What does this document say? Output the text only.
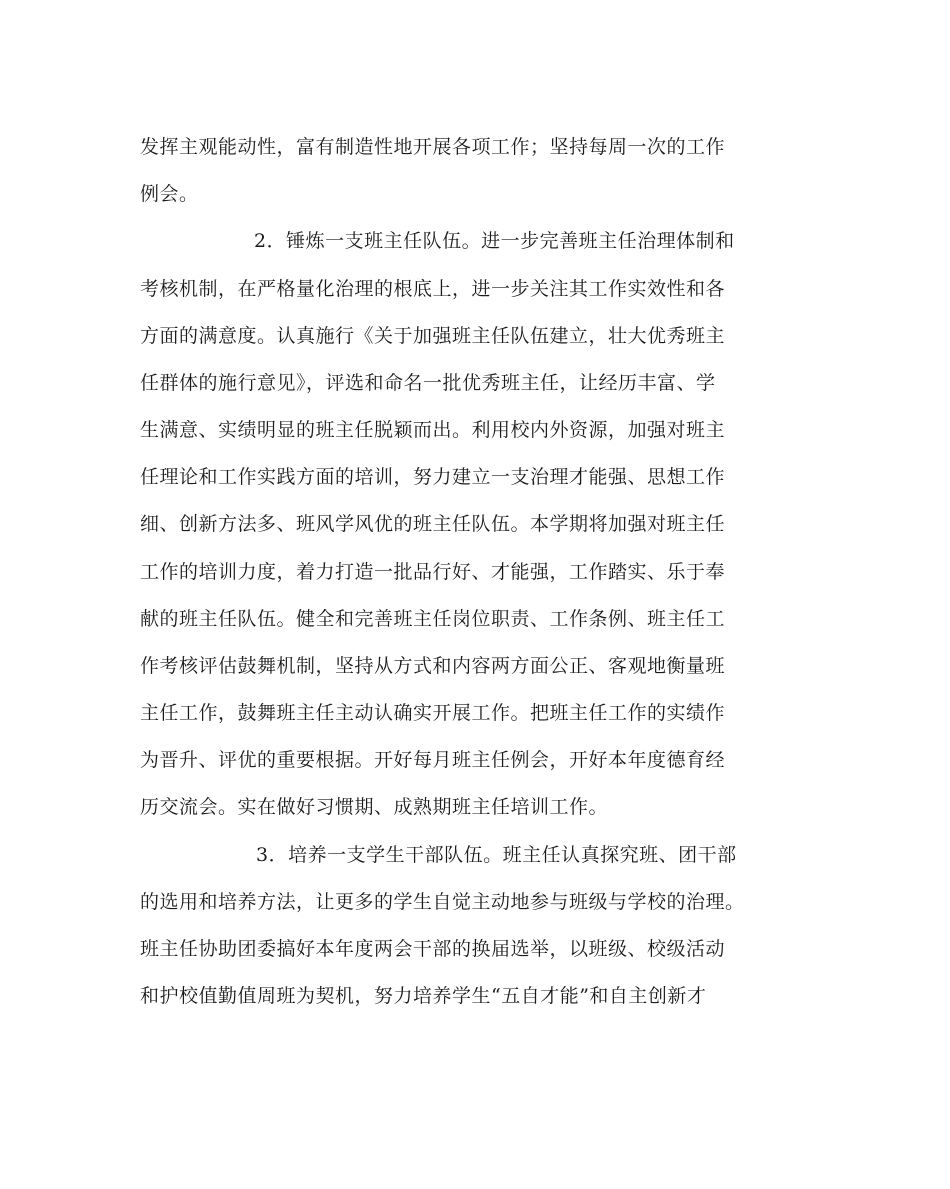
发挥主观能动性，富有制造性地开展各项工作；坚持每周一次的工作
例会。
2．锤炼一支班主任队伍。进一步完善班主任治理体制和
考核机制，在严格量化治理的根底上，进一步关注其工作实效性和各
方面的满意度。认真施行《关于加强班主任队伍建立，壮大优秀班主
任群体的施行意见》，评选和命名一批优秀班主任，让经历丰富、学
生满意、实绩明显的班主任脱颖而出。利用校内外资源，加强对班主
任理论和工作实践方面的培训，努力建立一支治理才能强、思想工作
细、创新方法多、班风学风优的班主任队伍。本学期将加强对班主任
工作的培训力度，着力打造一批品行好、才能强，工作踏实、乐于奉
献的班主任队伍。健全和完善班主任岗位职责、工作条例、班主任工
作考核评估鼓舞机制，坚持从方式和内容两方面公正、客观地衡量班
主任工作，鼓舞班主任主动认确实开展工作。把班主任工作的实绩作
为晋升、评优的重要根据。开好每月班主任例会，开好本年度德育经
历交流会。实在做好习惯期、成熟期班主任培训工作。
3．培养一支学生干部队伍。班主任认真探究班、团干部
的选用和培养方法，让更多的学生自觉主动地参与班级与学校的治理。
班主任协助团委搞好本年度两会干部的换届选举，以班级、校级活动
和护校值勤值周班为契机，努力培养学生“五自才能”和自主创新才
